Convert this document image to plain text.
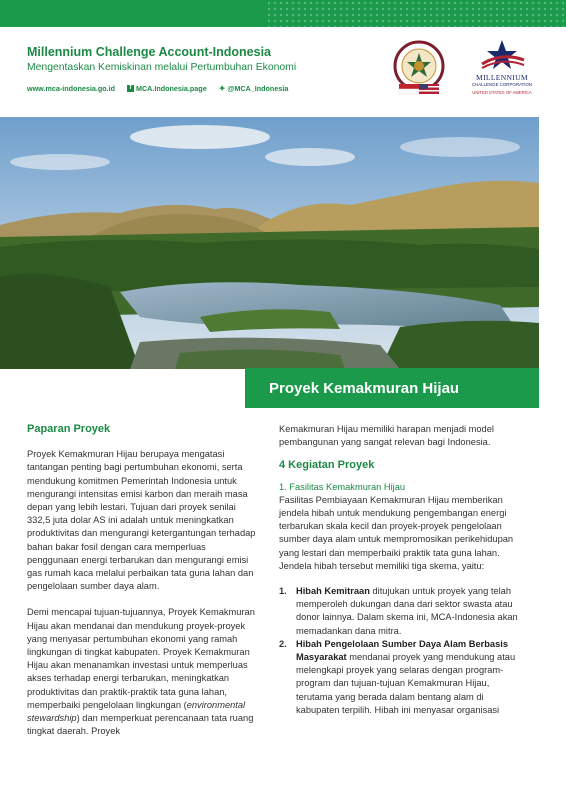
Millennium Challenge Account-Indonesia
Mengentaskan Kemiskinan melalui Pertumbuhan Ekonomi
www.mca-indonesia.go.id	f MCA.Indonesia.page ✦ @MCA_Indonesia
MILLENNIUM
CHALLENGE CORPORATION
UNITED STATES OF AMERICA
Proyek Kemakmuran Hijau

Paparan Proyek

Proyek Kemakmuran Hijau berupaya mengatasi tantangan penting bagi pertumbuhan ekonomi, serta mendukung komitmen Pemerintah Indonesia untuk mengurangi intensitas emisi karbon dan meraih masa depan yang lebih lestari. Tujuan dari proyek senilai 332,5 juta dolar AS ini adalah untuk meningkatkan produktivitas dan mengurangi ketergantungan terhadap bahan bakar fosil dengan cara memperluas penggunaan energi terbarukan dan mengurangi emisi gas rumah kaca melalui perbaikan tata guna lahan dan pengelolaan sumber daya alam.

Demi mencapai tujuan-tujuannya, Proyek Kemakmuran Hijau akan mendanai dan mendukung proyek-proyek yang menyasar pertumbuhan ekonomi yang ramah lingkungan di tingkat kabupaten. Proyek Kemakmuran Hijau akan menanamkan investasi untuk memperluas akses terhadap energi terbarukan, meningkatkan produktivitas dan praktik-praktik tata guna lahan, memperbaiki pengelolaan lingkungan (environmental stewardship) dan memperkuat perencanaan tata ruang tingkat daerah. Proyek

Kemakmuran Hijau memiliki harapan menjadi model pembangunan yang sangat relevan bagi Indonesia.

4 Kegiatan Proyek

1. Fasilitas Kemakmuran Hijau

Fasilitas Pembiayaan Kemakmuran Hijau memberikan jendela hibah untuk mendukung pengembangan energi terbarukan skala kecil dan proyek-proyek pengelolaan sumber daya alam untuk mempromosikan perikehidupan yang lestari dan memperbaiki praktik tata guna lahan. Jendela hibah tersebut memiliki tiga skema, yaitu:

1. Hibah Kemitraan ditujukan untuk proyek yang telah memperoleh dukungan dana dari sektor swasta atau donor lainnya. Dalam skema ini, MCA-Indonesia akan memadankan dana mitra.
2. Hibah Pengelolaan Sumber Daya Alam Berbasis Masyarakat mendanai proyek yang mendukung atau melengkapi proyek yang selaras dengan program-program dan tujuan-tujuan Kemakmuran Hijau, terutama yang berada dalam bentang alam di kabupaten terpilih. Hibah ini menyasar organisasi
